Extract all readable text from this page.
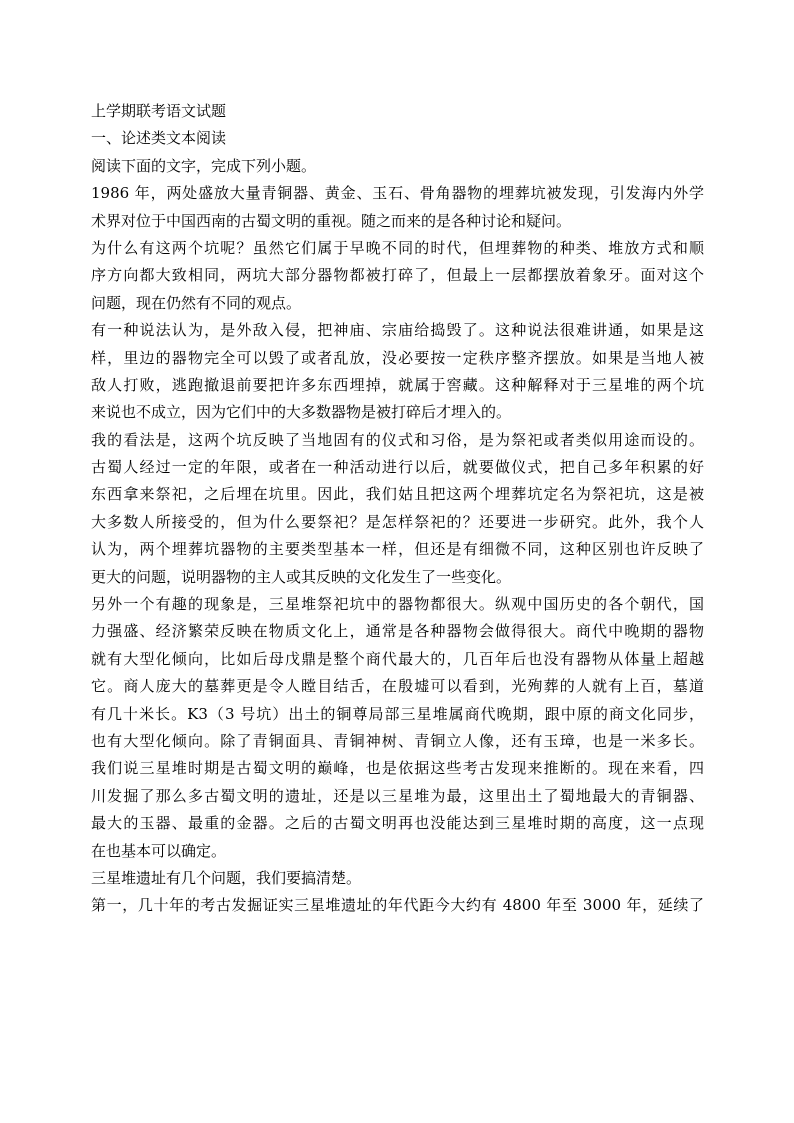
上学期联考语文试题
一、论述类文本阅读
阅读下面的文字，完成下列小题。
1986 年，两处盛放大量青铜器、黄金、玉石、骨角器物的埋葬坑被发现，引发海内外学
术界对位于中国西南的古蜀文明的重视。随之而来的是各种讨论和疑问。
为什么有这两个坑呢？虽然它们属于早晚不同的时代，但埋葬物的种类、堆放方式和顺
序方向都大致相同，两坑大部分器物都被打碎了，但最上一层都摆放着象牙。面对这个
问题，现在仍然有不同的观点。
有一种说法认为，是外敌入侵，把神庙、宗庙给捣毁了。这种说法很难讲通，如果是这
样，里边的器物完全可以毁了或者乱放，没必要按一定秩序整齐摆放。如果是当地人被
敌人打败，逃跑撤退前要把许多东西埋掉，就属于窖藏。这种解释对于三星堆的两个坑
来说也不成立，因为它们中的大多数器物是被打碎后才埋入的。
我的看法是，这两个坑反映了当地固有的仪式和习俗，是为祭祀或者类似用途而设的。
古蜀人经过一定的年限，或者在一种活动进行以后，就要做仪式，把自己多年积累的好
东西拿来祭祀，之后埋在坑里。因此，我们姑且把这两个埋葬坑定名为祭祀坑，这是被
大多数人所接受的，但为什么要祭祀？是怎样祭祀的？还要进一步研究。此外，我个人
认为，两个埋葬坑器物的主要类型基本一样，但还是有细微不同，这种区别也许反映了
更大的问题，说明器物的主人或其反映的文化发生了一些变化。
另外一个有趣的现象是，三星堆祭祀坑中的器物都很大。纵观中国历史的各个朝代，国
力强盛、经济繁荣反映在物质文化上，通常是各种器物会做得很大。商代中晚期的器物
就有大型化倾向，比如后母戊鼎是整个商代最大的，几百年后也没有器物从体量上超越
它。商人庞大的墓葬更是令人瞠目结舌，在殷墟可以看到，光殉葬的人就有上百，墓道
有几十米长。K3（3 号坑）出土的铜尊局部三星堆属商代晚期，跟中原的商文化同步，
也有大型化倾向。除了青铜面具、青铜神树、青铜立人像，还有玉璋，也是一米多长。
我们说三星堆时期是古蜀文明的巅峰，也是依据这些考古发现来推断的。现在来看，四
川发掘了那么多古蜀文明的遗址，还是以三星堆为最，这里出土了蜀地最大的青铜器、
最大的玉器、最重的金器。之后的古蜀文明再也没能达到三星堆时期的高度，这一点现
在也基本可以确定。
三星堆遗址有几个问题，我们要搞清楚。
第一，几十年的考古发掘证实三星堆遗址的年代距今大约有 4800 年至 3000 年，延续了
